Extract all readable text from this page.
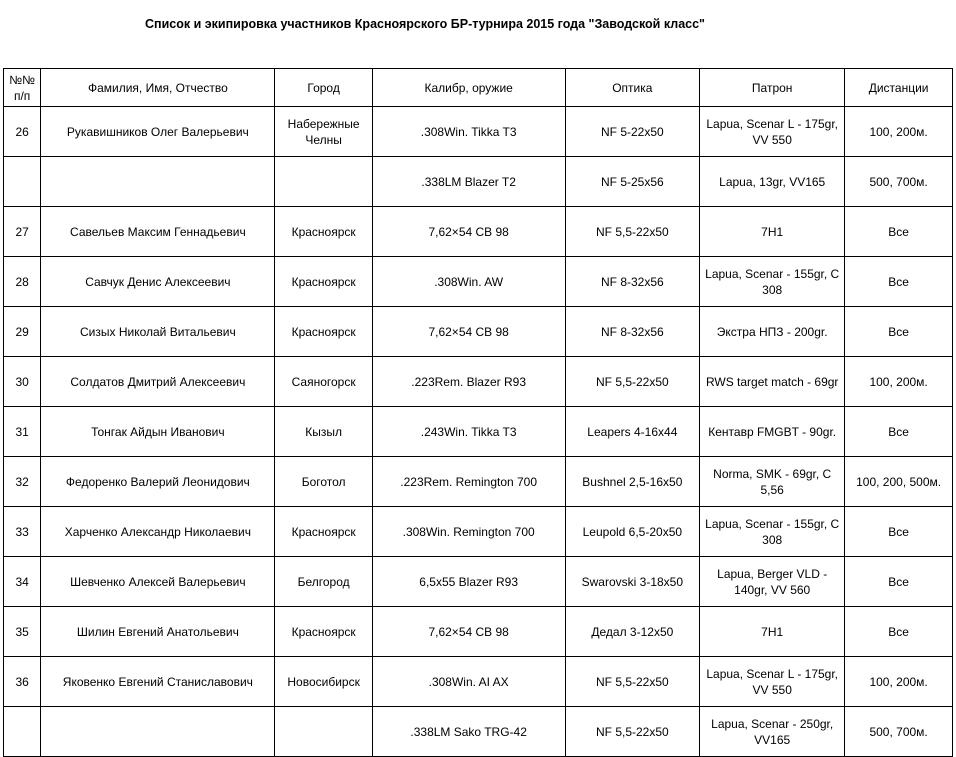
Список и экипировка участников Красноярского БР-турнира 2015 года "Заводской класс"
№№ п/п	Фамилия, Имя, Отчество	Город	Калибр, оружие	Оптика	Патрон	Дистанции
26	Рукавишников Олег Валерьевич	Набережные Челны	.308Win. Tikka T3	NF 5-22x50	Lapua, Scenar L - 175gr, VV 550	100, 200м.
			.338LM Blazer T2	NF 5-25x56	Lapua, 13gr, VV165	500, 700м.
27	Савельев Максим Геннадьевич	Красноярск	7,62×54 CB 98	NF 5,5-22x50	7H1	Все
28	Савчук Денис Алексеевич	Красноярск	.308Win. AW	NF 8-32x56	Lapua, Scenar - 155gr, C 308	Все
29	Сизых Николай Витальевич	Красноярск	7,62×54 CB 98	NF 8-32x56	Экстра НПЗ - 200gr.	Все
30	Солдатов Дмитрий Алексеевич	Саяногорск	.223Rem. Blazer R93	NF 5,5-22x50	RWS target match - 69gr	100, 200м.
31	Тонгак Айдын Иванович	Кызыл	.243Win. Tikka T3	Leapers 4-16x44	Кентавр FMGBT - 90gr.	Все
32	Федоренко Валерий Леонидович	Боготол	.223Rem. Remington 700	Bushnel 2,5-16x50	Norma, SMK - 69gr, C 5,56	100, 200, 500м.
33	Харченко Александр Николаевич	Красноярск	.308Win. Remington 700	Leupold 6,5-20x50	Lapua, Scenar - 155gr, C 308	Все
34	Шевченко Алексей Валерьевич	Белгород	6,5x55 Blazer R93	Swarovski 3-18x50	Lapua, Berger VLD - 140gr, VV 560	Все
35	Шилин Евгений Анатольевич	Красноярск	7,62×54 CB 98	Дедал 3-12x50	7H1	Все
36	Яковенко Евгений Станиславович	Новосибирск	.308Win. AI AX	NF 5,5-22x50	Lapua, Scenar L - 175gr, VV 550	100, 200м.
			.338LM Sako TRG-42	NF 5,5-22x50	Lapua, Scenar - 250gr, VV165	500, 700м.
